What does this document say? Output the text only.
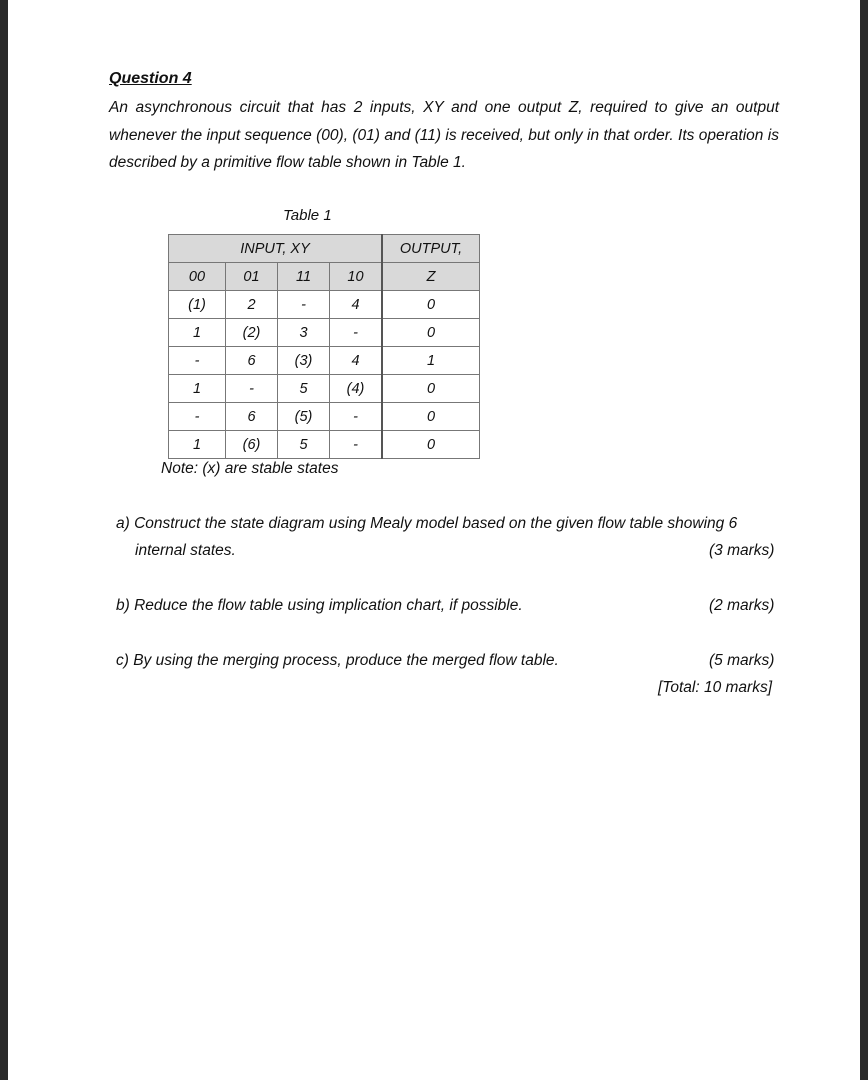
Question 4
An asynchronous circuit that has 2 inputs, XY and one output Z, required to give an output whenever the input sequence (00), (01) and (11) is received, but only in that order. Its operation is described by a primitive flow table shown in Table 1.
Table 1
INPUT, XY				OUTPUT,
00	01	11	10	Z
(1)	2	-	4	0
1	(2)	3	-	0
-	6	(3)	4	1
1	-	5	(4)	0
-	6	(5)	-	0
1	(6)	5	-	0
Note: (x) are stable states
a) Construct the state diagram using Mealy model based on the given flow table showing 6
internal states.	(3 marks)
b) Reduce the flow table using implication chart, if possible.	(2 marks)
c) By using the merging process, produce the merged flow table.	(5 marks)
[Total: 10 marks]
